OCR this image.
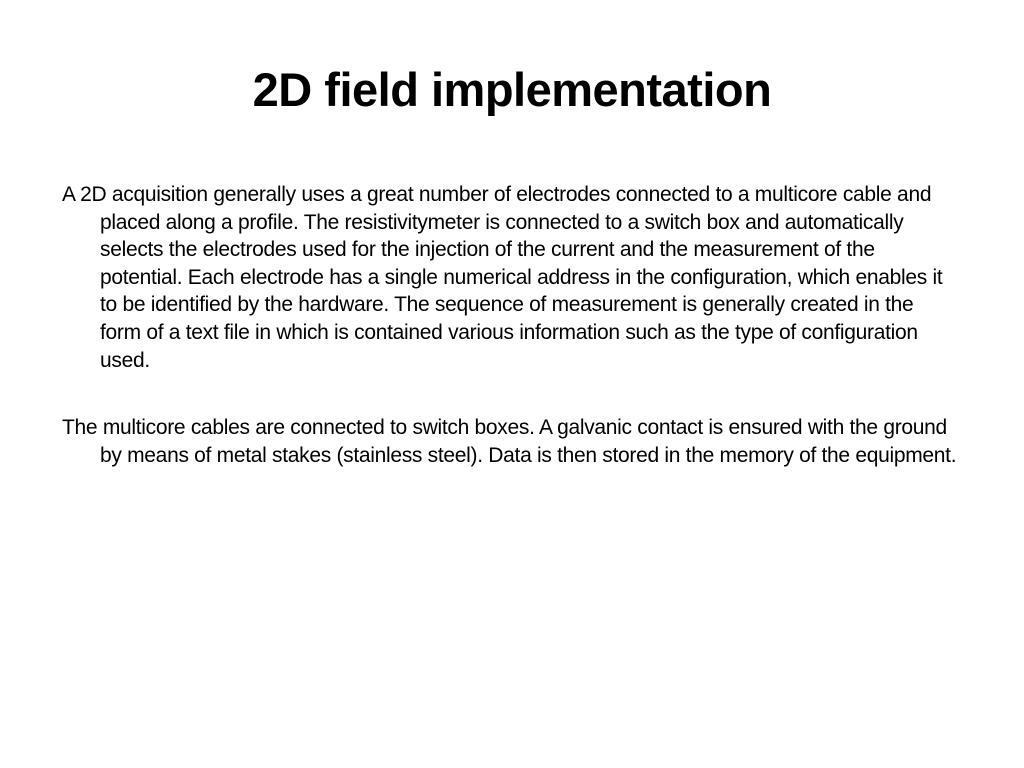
2D field implementation

A 2D acquisition generally uses a great number of electrodes connected to a multicore cable and placed along a profile. The resistivitymeter is connected to a switch box and automatically selects the electrodes used for the injection of the current and the measurement of the potential. Each electrode has a single numerical address in the configuration, which enables it to be identified by the hardware. The sequence of measurement is generally created in the form of a text file in which is contained various information such as the type of configuration used.

The multicore cables are connected to switch boxes. A galvanic contact is ensured with the ground by means of metal stakes (stainless steel). Data is then stored in the memory of the equipment.
